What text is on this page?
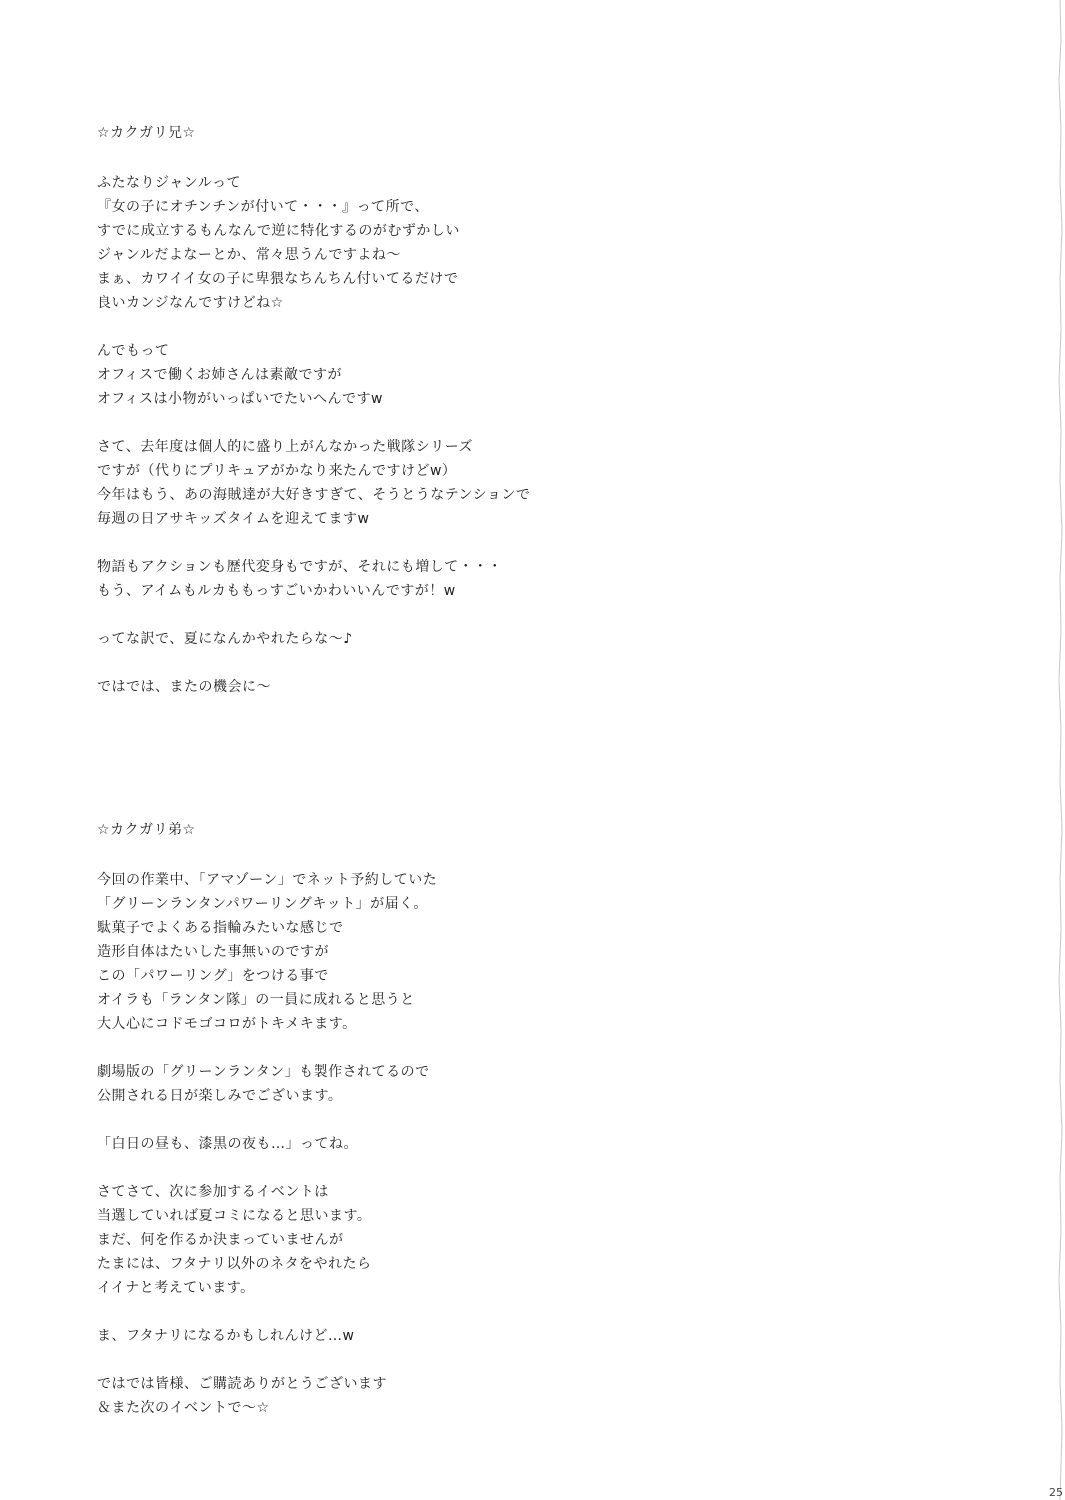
☆カクガリ兄☆
ふたなりジャンルって
『女の子にオチンチンが付いて・・・』って所で、
すでに成立するもんなんで逆に特化するのがむずかしい
ジャンルだよなーとか、常々思うんですよね～
まぁ、カワイイ女の子に卑猥なちんちん付いてるだけで
良いカンジなんですけどね☆
んでもって
オフィスで働くお姉さんは素敵ですが
オフィスは小物がいっぱいでたいへんですw
さて、去年度は個人的に盛り上がんなかった戦隊シリーズ
ですが（代りにプリキュアがかなり来たんですけどw）
今年はもう、あの海賊達が大好きすぎて、そうとうなテンションで
毎週の日アサキッズタイムを迎えてますw
物語もアクションも歴代変身もですが、それにも増して・・・
もう、アイムもルカももっすごいかわいいんですが！w
ってな訳で、夏になんかやれたらな～♪
ではでは、またの機会に～
☆カクガリ弟☆
今回の作業中、「アマゾーン」でネット予約していた
「グリーンランタンパワーリングキット」が届く。
駄菓子でよくある指輪みたいな感じで
造形自体はたいした事無いのですが
この「パワーリング」をつける事で
オイラも「ランタン隊」の一員に成れると思うと
大人心にコドモゴコロがトキメキます。
劇場版の「グリーンランタン」も製作されてるので
公開される日が楽しみでございます。
「白日の昼も、漆黒の夜も…」ってね。
さてさて、次に参加するイベントは
当選していれば夏コミになると思います。
まだ、何を作るか決まっていませんが
たまには、フタナリ以外のネタをやれたら
イイナと考えています。
ま、フタナリになるかもしれんけど…w
ではでは皆様、ご購読ありがとうございます
＆また次のイベントで～☆
25
